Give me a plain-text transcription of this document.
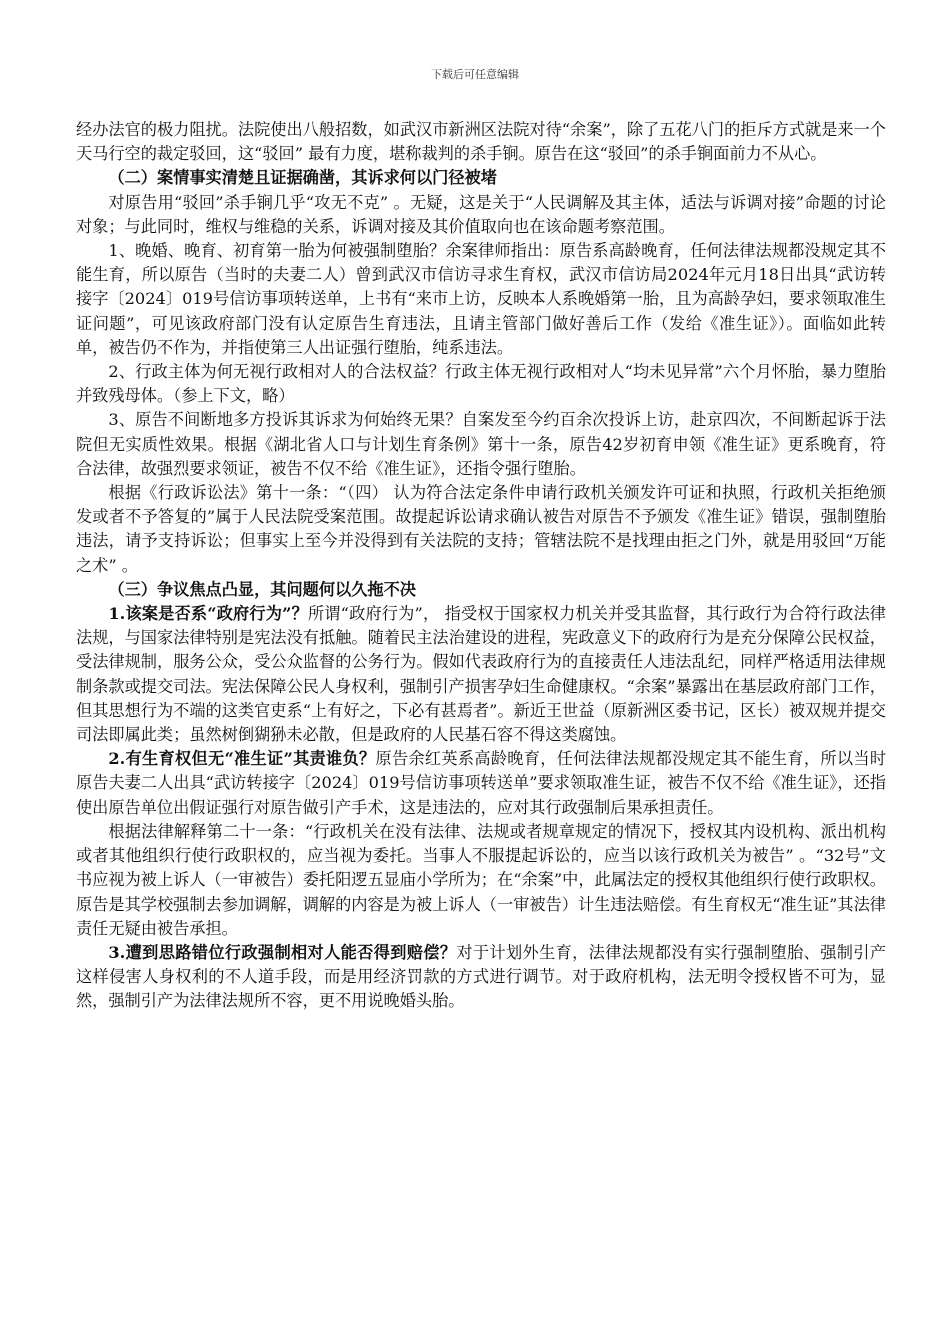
下载后可任意编辑

经办法官的极力阻扰。法院使出八般招数，如武汉市新洲区法院对待“余案”，除了五花八门的拒斥方式就是来一个天马行空的裁定驳回，这“驳回” 最有力度，堪称裁判的杀手锏。原告在这“驳回”的杀手锏面前力不从心。

（二）案情事实清楚且证据确凿，其诉求何以门径被堵

对原告用“驳回”杀手锏几乎“攻无不克” 。无疑，这是关于“人民调解及其主体，适法与诉调对接”命题的讨论对象；与此同时，维权与维稳的关系，诉调对接及其价值取向也在该命题考察范围。

1、晚婚、晚育、初育第一胎为何被强制堕胎？余案律师指出：原告系高龄晚育，任何法律法规都没规定其不能生育，所以原告（当时的夫妻二人）曾到武汉市信访寻求生育权，武汉市信访局2024年元月18日出具“武访转接字〔2024〕019号信访事项转送单，上书有“来市上访，反映本人系晚婚第一胎，且为高龄孕妇，要求领取准生证问题”，可见该政府部门没有认定原告生育违法，且请主管部门做好善后工作（发给《准生证》）。面临如此转单，被告仍不作为，并指使第三人出证强行堕胎，纯系违法。

2、行政主体为何无视行政相对人的合法权益？行政主体无视行政相对人“均未见异常”六个月怀胎，暴力堕胎并致残母体。（参上下文，略）

3、原告不间断地多方投诉其诉求为何始终无果？自案发至今约百余次投诉上访，赴京四次，不间断起诉于法院但无实质性效果。根据《湖北省人口与计划生育条例》第十一条，原告42岁初育申领《准生证》更系晚育，符合法律，故强烈要求领证，被告不仅不给《准生证》，还指令强行堕胎。

根据《行政诉讼法》第十一条：“（四） 认为符合法定条件申请行政机关颁发许可证和执照，行政机关拒绝颁发或者不予答复的”属于人民法院受案范围。故提起诉讼请求确认被告对原告不予颁发《准生证》错误，强制堕胎违法，请予支持诉讼；但事实上至今并没得到有关法院的支持；管辖法院不是找理由拒之门外，就是用驳回“万能之术” 。

（三）争议焦点凸显，其问题何以久拖不决

1.该案是否系“政府行为”？所谓“政府行为”， 指受权于国家权力机关并受其监督，其行政行为合符行政法律法规，与国家法律特别是宪法没有抵触。随着民主法治建设的进程，宪政意义下的政府行为是充分保障公民权益，受法律规制，服务公众，受公众监督的公务行为。假如代表政府行为的直接责任人违法乱纪，同样严格适用法律规制条款或提交司法。宪法保障公民人身权利，强制引产损害孕妇生命健康权。“余案”暴露出在基层政府部门工作，但其思想行为不端的这类官吏系“上有好之，下必有甚焉者”。新近王世益（原新洲区委书记，区长）被双规并提交司法即属此类；虽然树倒猢狲未必散，但是政府的人民基石容不得这类腐蚀。

2.有生育权但无“准生证”其责谁负？原告余红英系高龄晚育，任何法律法规都没规定其不能生育，所以当时原告夫妻二人出具“武访转接字〔2024〕019号信访事项转送单”要求领取准生证，被告不仅不给《准生证》，还指使出原告单位出假证强行对原告做引产手术，这是违法的，应对其行政强制后果承担责任。

根据法律解释第二十一条：“行政机关在没有法律、法规或者规章规定的情况下，授权其内设机构、派出机构或者其他组织行使行政职权的，应当视为委托。当事人不服提起诉讼的，应当以该行政机关为被告” 。“32号”文书应视为被上诉人（一审被告）委托阳逻五显庙小学所为；在“余案”中，此属法定的授权其他组织行使行政职权。原告是其学校强制去参加调解，调解的内容是为被上诉人（一审被告）计生违法赔偿。有生育权无“准生证”其法律责任无疑由被告承担。

3.遭到思路错位行政强制相对人能否得到赔偿？对于计划外生育，法律法规都没有实行强制堕胎、强制引产这样侵害人身权利的不人道手段，而是用经济罚款的方式进行调节。对于政府机构，法无明令授权皆不可为，显然，强制引产为法律法规所不容，更不用说晚婚头胎。
